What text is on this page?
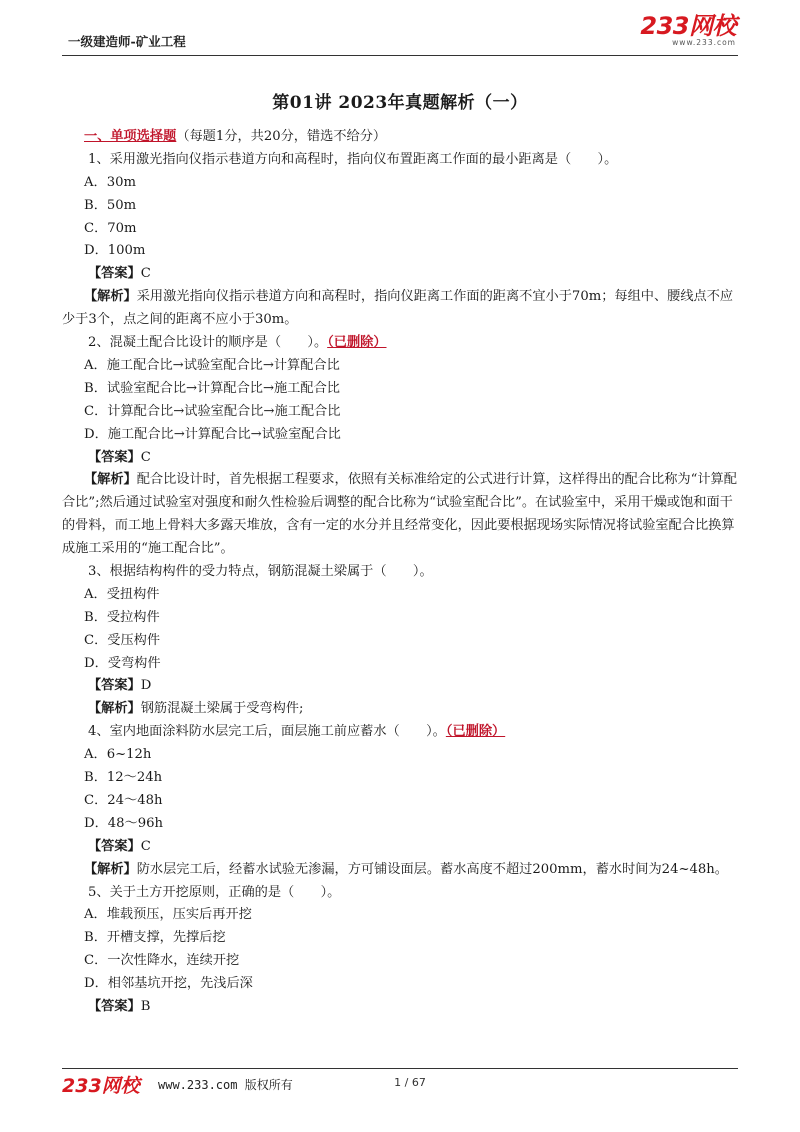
一级建造师-矿业工程
233网校
www.233.com
第01讲 2023年真题解析（一）
一、单项选择题（每题1分，共20分，错选不给分）
1、采用激光指向仪指示巷道方向和高程时，指向仪布置距离工作面的最小距离是（　　）。
A．30m
B．50m
C．70m
D．100m
【答案】C
【解析】采用激光指向仪指示巷道方向和高程时，指向仪距离工作面的距离不宜小于70m；每组中、腰线点不应少于3个，点之间的距离不应小于30m。
2、混凝土配合比设计的顺序是（　　）。（已删除）
A．施工配合比→试验室配合比→计算配合比
B．试验室配合比→计算配合比→施工配合比
C．计算配合比→试验室配合比→施工配合比
D．施工配合比→计算配合比→试验室配合比
【答案】C
【解析】配合比设计时，首先根据工程要求，依照有关标准给定的公式进行计算，这样得出的配合比称为“计算配合比”;然后通过试验室对强度和耐久性检验后调整的配合比称为“试验室配合比”。在试验室中，采用干燥或饱和面干的骨料，而工地上骨料大多露天堆放，含有一定的水分并且经常变化，因此要根据现场实际情况将试验室配合比换算成施工采用的“施工配合比”。
3、根据结构构件的受力特点，钢筋混凝土梁属于（　　）。
A．受扭构件
B．受拉构件
C．受压构件
D．受弯构件
【答案】D
【解析】钢筋混凝土梁属于受弯构件;
4、室内地面涂料防水层完工后，面层施工前应蓄水（　　）。（已删除）
A．6~12h
B．12～24h
C．24～48h
D．48～96h
【答案】C
【解析】防水层完工后，经蓄水试验无渗漏，方可铺设面层。蓄水高度不超过200mm，蓄水时间为24~48h。
5、关于土方开挖原则，正确的是（　　）。
A．堆载预压，压实后再开挖
B．开槽支撑，先撑后挖
C．一次性降水，连续开挖
D．相邻基坑开挖，先浅后深
【答案】B
233网校 www.233.com 版权所有	1 / 67
